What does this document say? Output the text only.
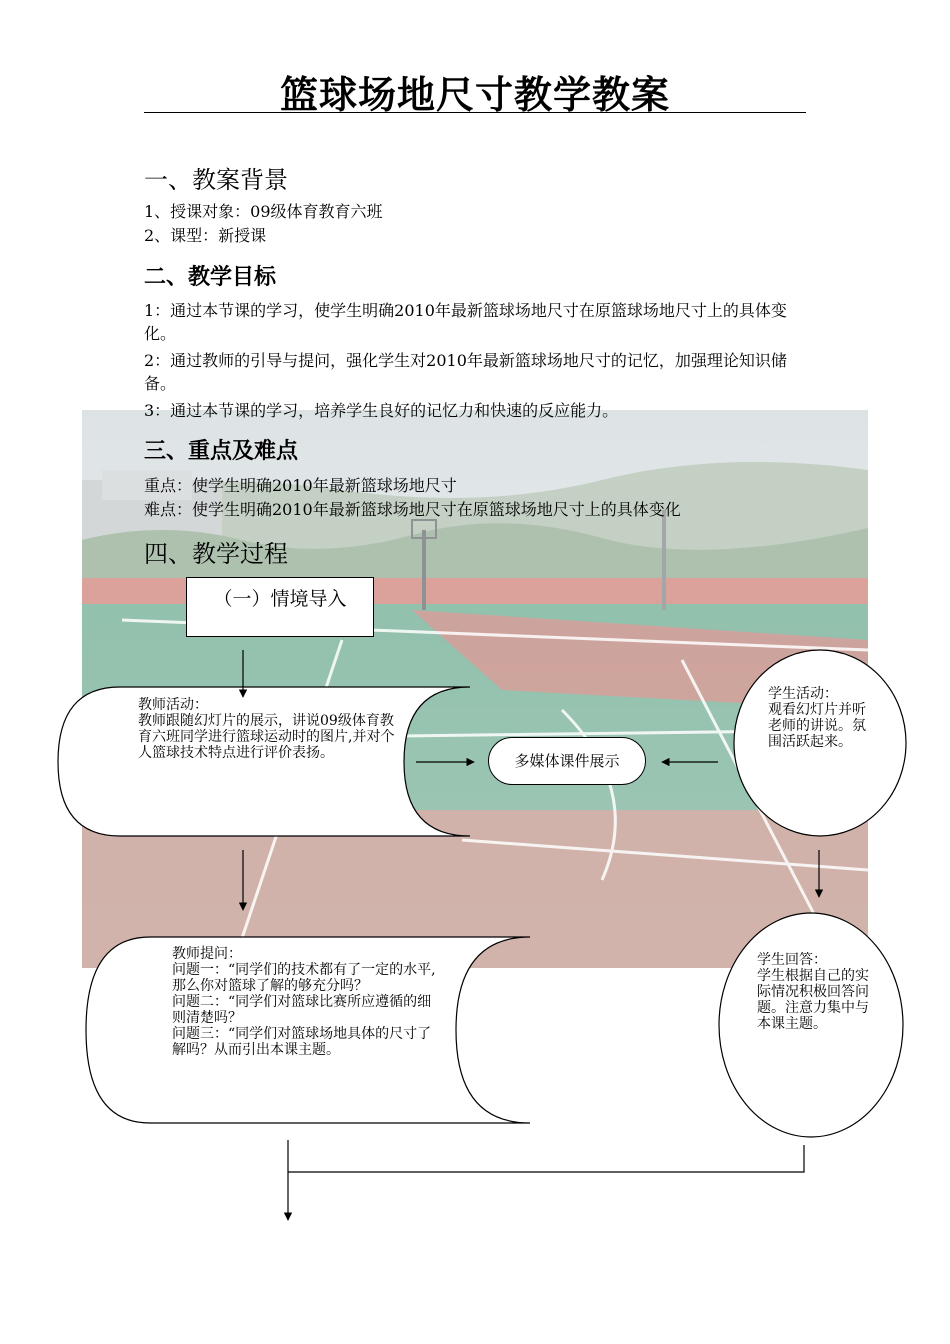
篮球场地尺寸教学教案
一、教案背景
1、授课对象：09级体育教育六班
2、课型：新授课
二、教学目标
1：通过本节课的学习，使学生明确2010年最新篮球场地尺寸在原篮球场地尺寸上的具体变化。
2：通过教师的引导与提问，强化学生对2010年最新篮球场地尺寸的记忆，加强理论知识储备。
3：通过本节课的学习，培养学生良好的记忆力和快速的反应能力。
三、重点及难点
重点：使学生明确2010年最新篮球场地尺寸
难点：使学生明确2010年最新篮球场地尺寸在原篮球场地尺寸上的具体变化
四、教学过程
（一）情境导入
教师活动：
教师跟随幻灯片的展示，讲说09级体育教育六班同学进行篮球运动时的图片,并对个人篮球技术特点进行评价表扬。	多媒体课件展示
学生活动：
观看幻灯片并听老师的讲说。氛围活跃起来。
教师提问：
问题一：“同学们的技术都有了一定的水平,那么你对篮球了解的够充分吗？
问题二：“同学们对篮球比赛所应遵循的细则清楚吗？
问题三：“同学们对篮球场地具体的尺寸了解吗？从而引出本课主题。
学生回答：
学生根据自己的实际情况积极回答问题。注意力集中与本课主题。
